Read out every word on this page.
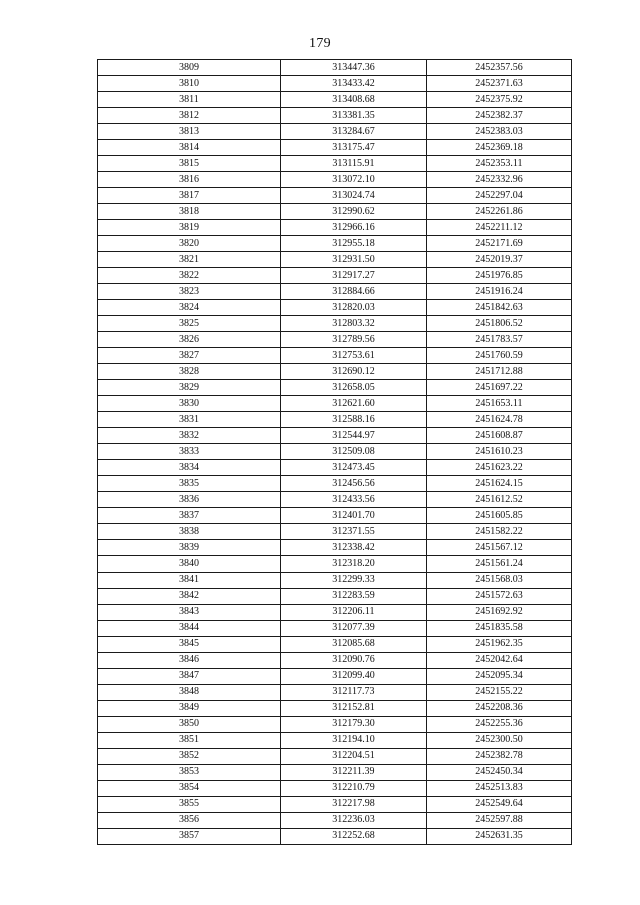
179
3809	313447.36	2452357.56
3810	313433.42	2452371.63
3811	313408.68	2452375.92
3812	313381.35	2452382.37
3813	313284.67	2452383.03
3814	313175.47	2452369.18
3815	313115.91	2452353.11
3816	313072.10	2452332.96
3817	313024.74	2452297.04
3818	312990.62	2452261.86
3819	312966.16	2452211.12
3820	312955.18	2452171.69
3821	312931.50	2452019.37
3822	312917.27	2451976.85
3823	312884.66	2451916.24
3824	312820.03	2451842.63
3825	312803.32	2451806.52
3826	312789.56	2451783.57
3827	312753.61	2451760.59
3828	312690.12	2451712.88
3829	312658.05	2451697.22
3830	312621.60	2451653.11
3831	312588.16	2451624.78
3832	312544.97	2451608.87
3833	312509.08	2451610.23
3834	312473.45	2451623.22
3835	312456.56	2451624.15
3836	312433.56	2451612.52
3837	312401.70	2451605.85
3838	312371.55	2451582.22
3839	312338.42	2451567.12
3840	312318.20	2451561.24
3841	312299.33	2451568.03
3842	312283.59	2451572.63
3843	312206.11	2451692.92
3844	312077.39	2451835.58
3845	312085.68	2451962.35
3846	312090.76	2452042.64
3847	312099.40	2452095.34
3848	312117.73	2452155.22
3849	312152.81	2452208.36
3850	312179.30	2452255.36
3851	312194.10	2452300.50
3852	312204.51	2452382.78
3853	312211.39	2452450.34
3854	312210.79	2452513.83
3855	312217.98	2452549.64
3856	312236.03	2452597.88
3857	312252.68	2452631.35
